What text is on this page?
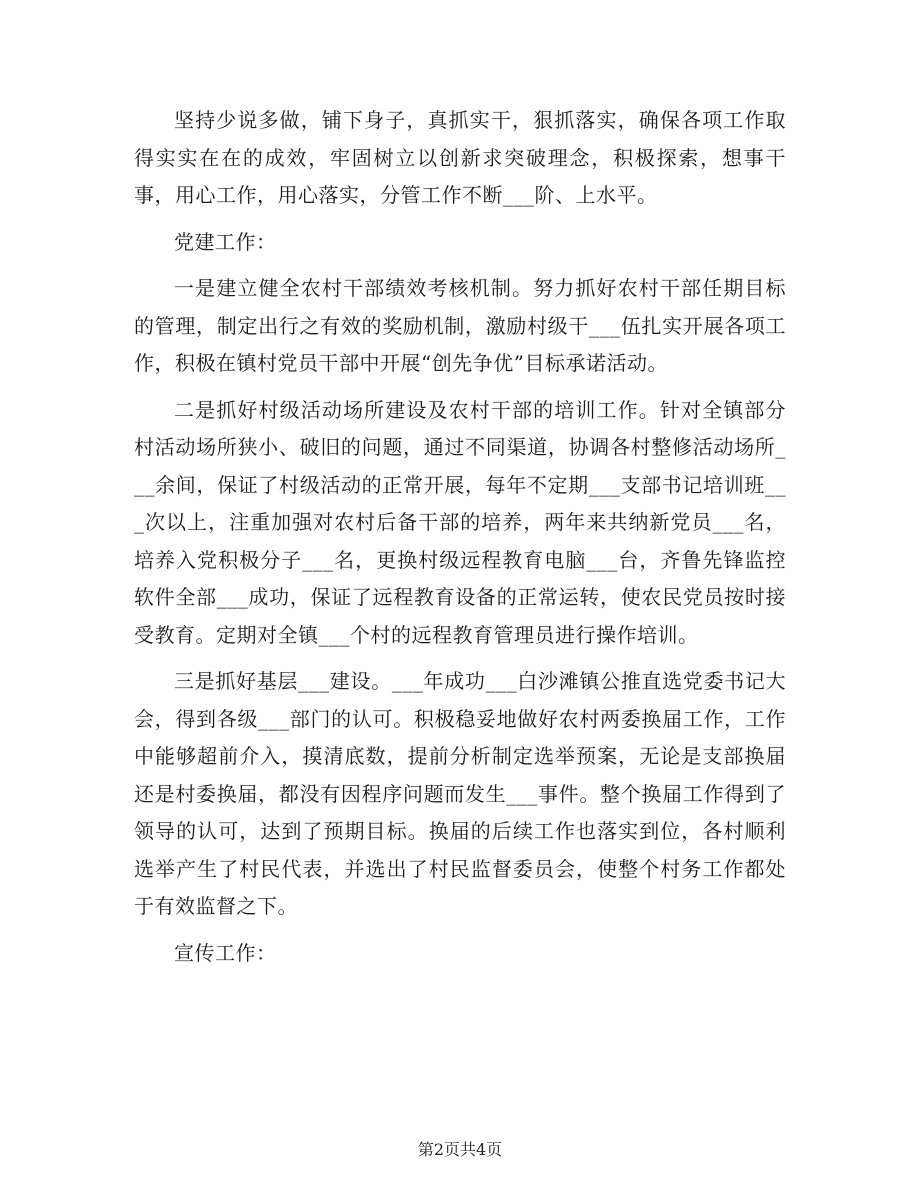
坚持少说多做，铺下身子，真抓实干，狠抓落实，确保各项工作取得实实在在的成效，牢固树立以创新求突破理念，积极探索，想事干事，用心工作，用心落实，分管工作不断___阶、上水平。

党建工作：

一是建立健全农村干部绩效考核机制。努力抓好农村干部任期目标的管理，制定出行之有效的奖励机制，激励村级干___伍扎实开展各项工作，积极在镇村党员干部中开展“创先争优”目标承诺活动。

二是抓好村级活动场所建设及农村干部的培训工作。针对全镇部分村活动场所狭小、破旧的问题，通过不同渠道，协调各村整修活动场所___余间，保证了村级活动的正常开展，每年不定期___支部书记培训班___次以上，注重加强对农村后备干部的培养，两年来共纳新党员___名，培养入党积极分子___名，更换村级远程教育电脑___台，齐鲁先锋监控软件全部___成功，保证了远程教育设备的正常运转，使农民党员按时接受教育。定期对全镇___个村的远程教育管理员进行操作培训。

三是抓好基层___建设。___年成功___白沙滩镇公推直选党委书记大会，得到各级___部门的认可。积极稳妥地做好农村两委换届工作，工作中能够超前介入，摸清底数，提前分析制定选举预案，无论是支部换届还是村委换届，都没有因程序问题而发生___事件。整个换届工作得到了领导的认可，达到了预期目标。换届的后续工作也落实到位，各村顺利选举产生了村民代表，并选出了村民监督委员会，使整个村务工作都处于有效监督之下。

宣传工作：

第2页共4页
